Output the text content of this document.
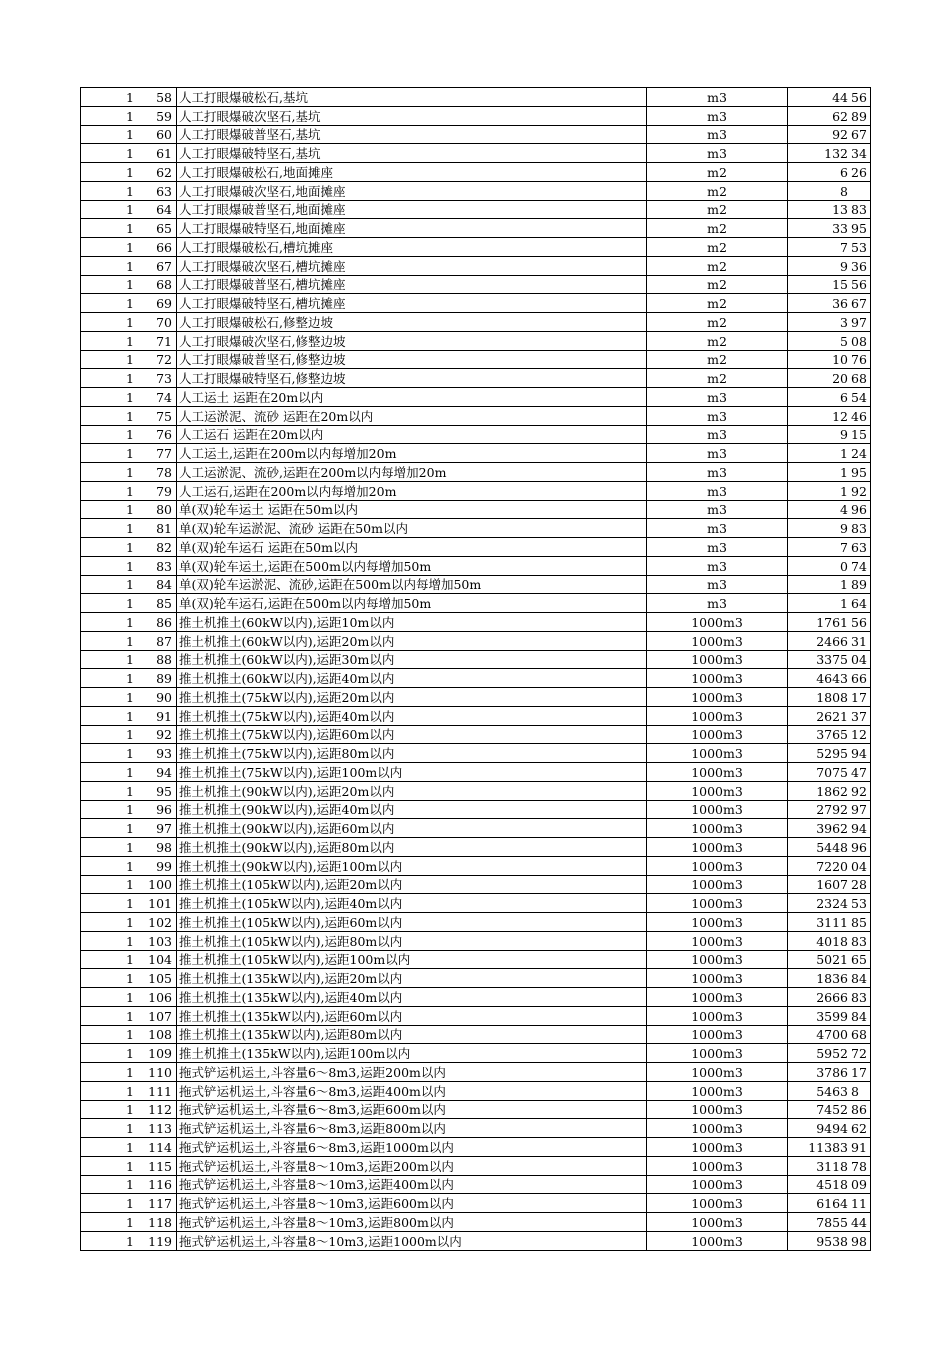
1 58	人工打眼爆破松石,基坑	m3	44 56

1 59	人工打眼爆破次坚石,基坑	m3	62 89

1 60	人工打眼爆破普坚石,基坑	m3	92 67

1 61	人工打眼爆破特坚石,基坑	m3	132 34

1 62	人工打眼爆破松石,地面摊座	m2	6 26

1 63	人工打眼爆破次坚石,地面摊座	m2	8

1 64	人工打眼爆破普坚石,地面摊座	m2	13 83

1 65	人工打眼爆破特坚石,地面摊座	m2	33 95

1 66	人工打眼爆破松石,槽坑摊座	m2	7 53

1 67	人工打眼爆破次坚石,槽坑摊座	m2	9 36

1 68	人工打眼爆破普坚石,槽坑摊座	m2	15 56

1 69	人工打眼爆破特坚石,槽坑摊座	m2	36 67

1 70	人工打眼爆破松石,修整边坡	m2	3 97

1 71	人工打眼爆破次坚石,修整边坡	m2	5 08

1 72	人工打眼爆破普坚石,修整边坡	m2	10 76

1 73	人工打眼爆破特坚石,修整边坡	m2	20 68

1 74	人工运土 运距在20m以内	m3	6 54

1 75	人工运淤泥、流砂 运距在20m以内	m3	12 46

1 76	人工运石 运距在20m以内	m3	9 15

1 77	人工运土,运距在200m以内每增加20m	m3	1 24

1 78	人工运淤泥、流砂,运距在200m以内每增加20m	m3	1 95

1 79	人工运石,运距在200m以内每增加20m	m3	1 92

1 80	单(双)轮车运土 运距在50m以内	m3	4 96

1 81	单(双)轮车运淤泥、流砂 运距在50m以内	m3	9 83

1 82	单(双)轮车运石 运距在50m以内	m3	7 63

1 83	单(双)轮车运土,运距在500m以内每增加50m	m3	0 74

1 84	单(双)轮车运淤泥、流砂,运距在500m以内每增加50m	m3	1 89

1 85	单(双)轮车运石,运距在500m以内每增加50m	m3	1 64

1 86	推土机推土(60kW以内),运距10m以内	1000m3	1761 56

1 87	推土机推土(60kW以内),运距20m以内	1000m3	2466 31

1 88	推土机推土(60kW以内),运距30m以内	1000m3	3375 04

1 89	推土机推土(60kW以内),运距40m以内	1000m3	4643 66

1 90	推土机推土(75kW以内),运距20m以内	1000m3	1808 17

1 91	推土机推土(75kW以内),运距40m以内	1000m3	2621 37

1 92	推土机推土(75kW以内),运距60m以内	1000m3	3765 12

1 93	推土机推土(75kW以内),运距80m以内	1000m3	5295 94

1 94	推土机推土(75kW以内),运距100m以内	1000m3	7075 47

1 95	推土机推土(90kW以内),运距20m以内	1000m3	1862 92

1 96	推土机推土(90kW以内),运距40m以内	1000m3	2792 97

1 97	推土机推土(90kW以内),运距60m以内	1000m3	3962 94

1 98	推土机推土(90kW以内),运距80m以内	1000m3	5448 96

1 99	推土机推土(90kW以内),运距100m以内	1000m3	7220 04

1 100	推土机推土(105kW以内),运距20m以内	1000m3	1607 28

1 101	推土机推土(105kW以内),运距40m以内	1000m3	2324 53

1 102	推土机推土(105kW以内),运距60m以内	1000m3	3111 85

1 103	推土机推土(105kW以内),运距80m以内	1000m3	4018 83

1 104	推土机推土(105kW以内),运距100m以内	1000m3	5021 65

1 105	推土机推土(135kW以内),运距20m以内	1000m3	1836 84

1 106	推土机推土(135kW以内),运距40m以内	1000m3	2666 83

1 107	推土机推土(135kW以内),运距60m以内	1000m3	3599 84

1 108	推土机推土(135kW以内),运距80m以内	1000m3	4700 68

1 109	推土机推土(135kW以内),运距100m以内	1000m3	5952 72

1 110	拖式铲运机运土,斗容量6～8m3,运距200m以内	1000m3	3786 17

1 111	拖式铲运机运土,斗容量6～8m3,运距400m以内	1000m3	5463 8

1 112	拖式铲运机运土,斗容量6～8m3,运距600m以内	1000m3	7452 86

1 113	拖式铲运机运土,斗容量6～8m3,运距800m以内	1000m3	9494 62

1 114	拖式铲运机运土,斗容量6～8m3,运距1000m以内	1000m3	11383 91

1 115	拖式铲运机运土,斗容量8～10m3,运距200m以内	1000m3	3118 78

1 116	拖式铲运机运土,斗容量8～10m3,运距400m以内	1000m3	4518 09

1 117	拖式铲运机运土,斗容量8～10m3,运距600m以内	1000m3	6164 11

1 118	拖式铲运机运土,斗容量8～10m3,运距800m以内	1000m3	7855 44

1 119	拖式铲运机运土,斗容量8～10m3,运距1000m以内	1000m3	9538 98
